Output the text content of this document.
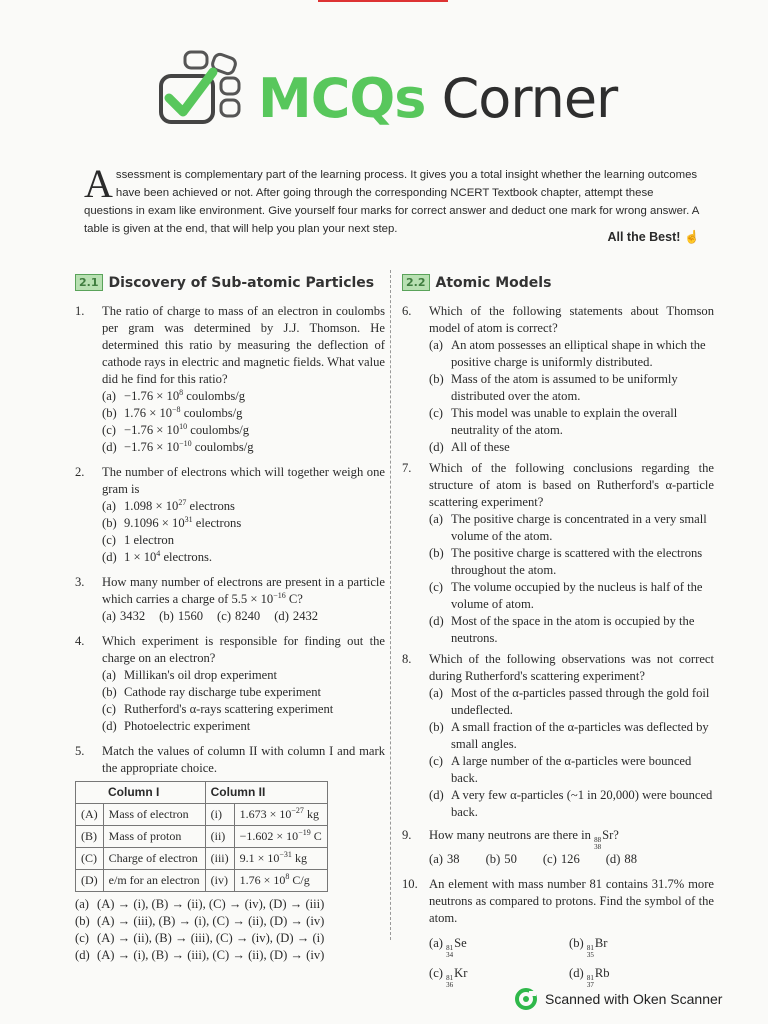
MCQs Corner
A ssessment is complementary part of the learning process. It gives you a total insight whether the learning outcomes have been achieved or not. After going through the corresponding NCERT Textbook chapter, attempt these questions in exam like environment. Give yourself four marks for correct answer and deduct one mark for wrong answer. A table is given at the end, that will help you plan your next step.
All the Best! ☝
2.1 Discovery of Sub-atomic Particles	2.2 Atomic Models
1. The ratio of charge to mass of an electron in coulombs per gram was determined by J.J. Thomson. He determined this ratio by measuring the deflection of cathode rays in electric and magnetic fields. What value did he find for this ratio?
$(a) -1.76 \times 10^8$ coulombs/g
(b) $1.76 \times 10^{-8}$ coulombs/g
$(c) -1.76 \times 10^{10}$ coulombs/g
$(d) -1.76 \times 10^{-10}$ coulombs/g
2. The number of electrons which will together weigh one gram is
(a) $1.098 \times 10^{27}$ electrons
(b) $9.1096 \times 10^{31}$ electrons
(c) 1 electron
(d) $1 \times 10^4$ electrons.
3. How many number of electrons are present in a particle which carries a charge of $5.5 \times 10^{-16}$ C?
(a) 3432 (b) 1560 (c) 8240 (d) 2432
4. Which experiment is responsible for finding out the charge on an electron?
(a) Millikan's oil drop experiment
(b) Cathode ray discharge tube experiment
(c) Rutherford's α-rays scattering experiment
(d) Photoelectric experiment
5. Match the values of column II with column I and mark the appropriate choice.
Column I		Column II	
(A)	Mass of electron	(i)	$1.673 \times 10^{-27}$ kg
(B)	Mass of proton	(ii)	$-1.602 \times 10^{-19}$ C
(C)	Charge of electron	(iii)	$9.1 \times 10^{-31}$ kg
(D)	e/m for an electron	(iv)	$1.76 \times 10^8$ C/g
(a) (A) → (i), (B) → (ii), (C) → (iv), (D) → (iii)
(b) (A) → (iii), (B) → (i), (C) → (ii), (D) → (iv)
(c) (A) → (ii), (B) → (iii), (C) → (iv), (D) → (i)
(d) (A) → (i), (B) → (iii), (C) → (ii), (D) → (iv)
6. Which of the following statements about Thomson model of atom is correct?
(a) An atom possesses an elliptical shape in which the positive charge is uniformly distributed.
(b) Mass of the atom is assumed to be uniformly distributed over the atom.
(c) This model was unable to explain the overall neutrality of the atom.
(d) All of these
7. Which of the following conclusions regarding the structure of atom is based on Rutherford's α-particle scattering experiment?
(a) The positive charge is concentrated in a very small volume of the atom.
(b) The positive charge is scattered with the electrons throughout the atom.
(c) The volume occupied by the nucleus is half of the volume of atom.
(d) Most of the space in the atom is occupied by the neutrons.
8. Which of the following observations was not correct during Rutherford's scattering experiment?
(a) Most of the α-particles passed through the gold foil undeflected.
(b) A small fraction of the α-particles was deflected by small angles.
(c) A large number of the α-particles were bounced back.
(d) A very few α-particles (~1 in 20,000) were bounced back.
9. How many neutrons are there in 88
38
Sr?
(a) 38 (b) 50 (c) 126 (d) 88
10. An element with mass number 81 contains 31.7% more neutrons as compared to protons. Find the symbol of the atom.
(a) 81
34
Se	(b) 81
35
Br
(c) 81
36
Kr	(d) 81
37
Rb
Scanned with Oken Scanner
